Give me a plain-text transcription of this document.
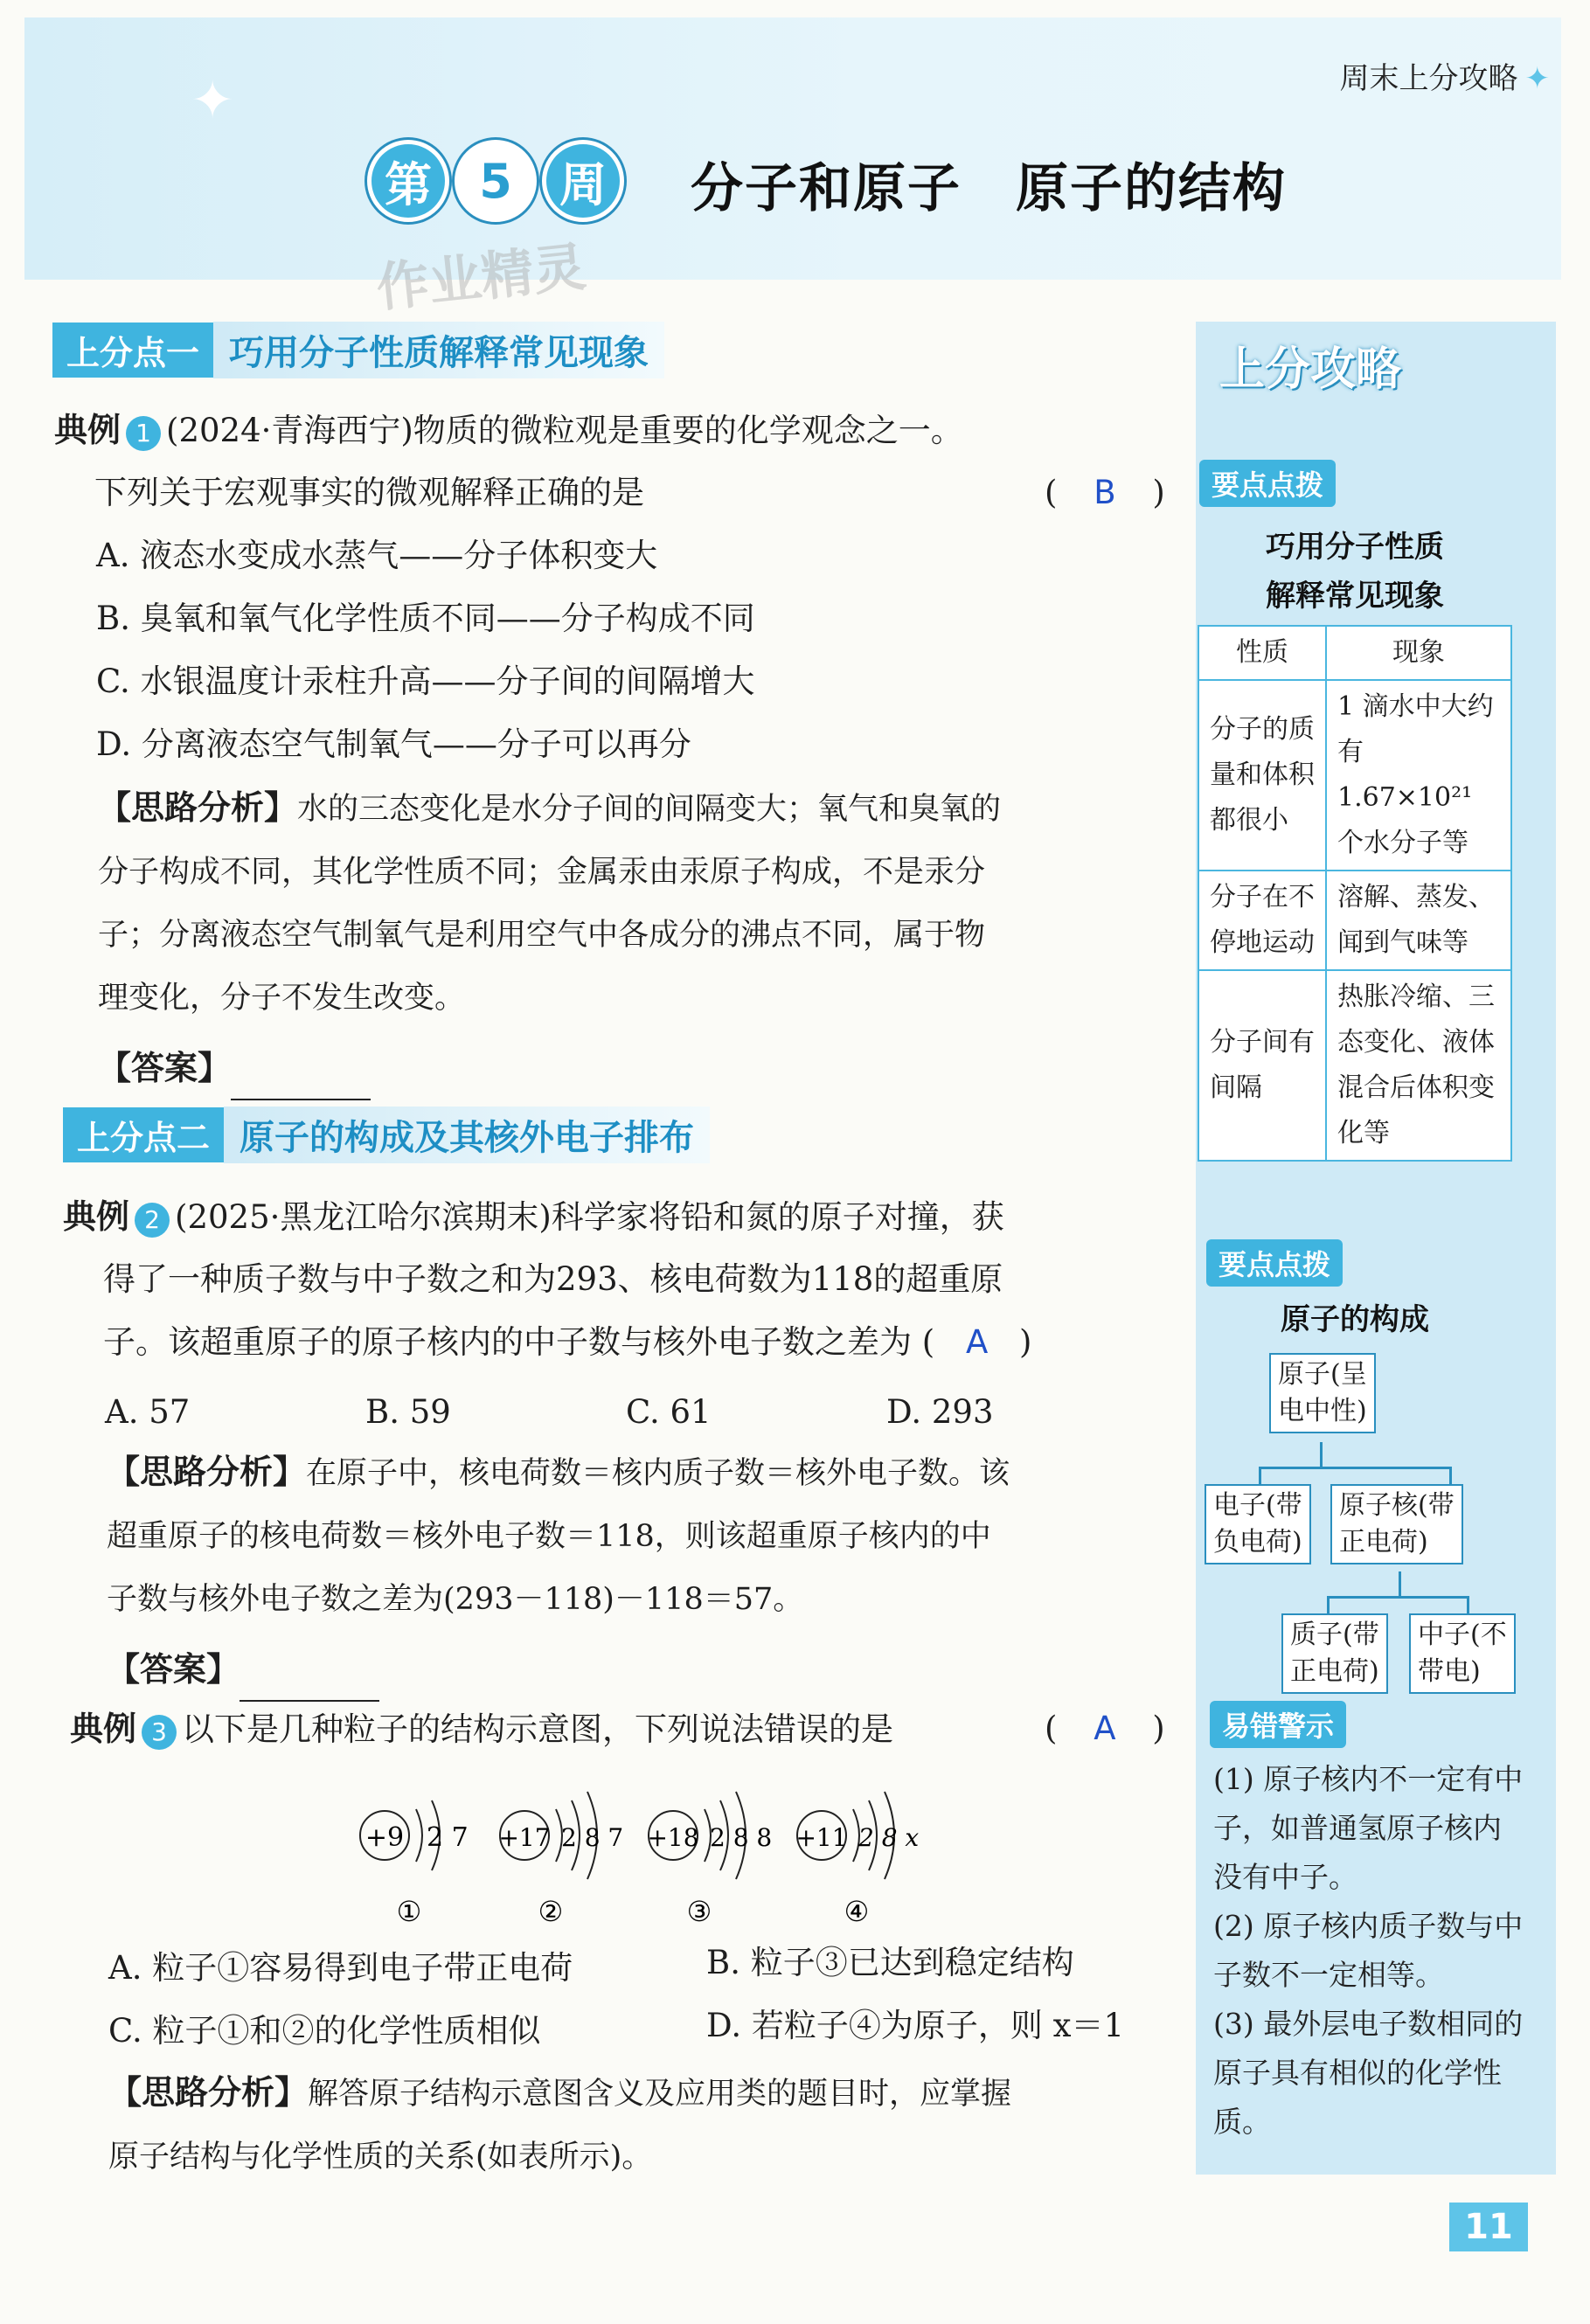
✦	周末上分攻略 ✦
第	5	周	分子和原子　原子的结构
作业精灵
上分点一 巧用分子性质解释常见现象
典例 1 (2024·青海西宁)物质的微粒观是重要的化学观念之一。
下列关于宏观事实的微观解释正确的是	( B )
A. 液态水变成水蒸气——分子体积变大
B. 臭氧和氧气化学性质不同——分子构成不同
C. 水银温度计汞柱升高——分子间的间隔增大
D. 分离液态空气制氧气——分子可以再分
【思路分析】水的三态变化是水分子间的间隔变大；氧气和臭氧的
分子构成不同，其化学性质不同；金属汞由汞原子构成，不是汞分
子；分离液态空气制氧气是利用空气中各成分的沸点不同，属于物
理变化，分子不发生改变。
【答案】
上分点二 原子的构成及其核外电子排布
典例 2 (2025·黑龙江哈尔滨期末)科学家将铅和氮的原子对撞，获
得了一种质子数与中子数之和为293、核电荷数为118的超重原
子。该超重原子的原子核内的中子数与核外电子数之差为 ( A )
A. 57	B. 59	C. 61	D. 293
【思路分析】在原子中，核电荷数＝核内质子数＝核外电子数。该
超重原子的核电荷数＝核外电子数＝118，则该超重原子核内的中
子数与核外电子数之差为(293－118)－118＝57。
【答案】
典例 3 以下是几种粒子的结构示意图，下列说法错误的是	( A )
+9 2 7
①
+17 2 8 7
②
+18 2 8 8
③
+11 2 8 x
④
A. 粒子①容易得到电子带正电荷	B. 粒子③已达到稳定结构
C. 粒子①和②的化学性质相似	D. 若粒子④为原子，则 x＝1
【思路分析】解答原子结构示意图含义及应用类的题目时，应掌握
原子结构与化学性质的关系(如表所示)。
上分攻略
要点点拨
巧用分子性质
解释常见现象
性质	现象
分子的质量和体积都很小	1 滴水中大约有 1.67×10²¹ 个水分子等
分子在不停地运动	溶解、蒸发、闻到气味等
分子间有间隔	热胀冷缩、三态变化、液体混合后体积变化等
要点点拨
原子的构成
原子(呈
电中性)
电子(带
负电荷)
原子核(带
正电荷)
质子(带
正电荷)
中子(不
带电)
易错警示
(1) 原子核内不一定有中子，如普通氢原子核内没有中子。
(2) 原子核内质子数与中子数不一定相等。
(3) 最外层电子数相同的原子具有相似的化学性质。
11
